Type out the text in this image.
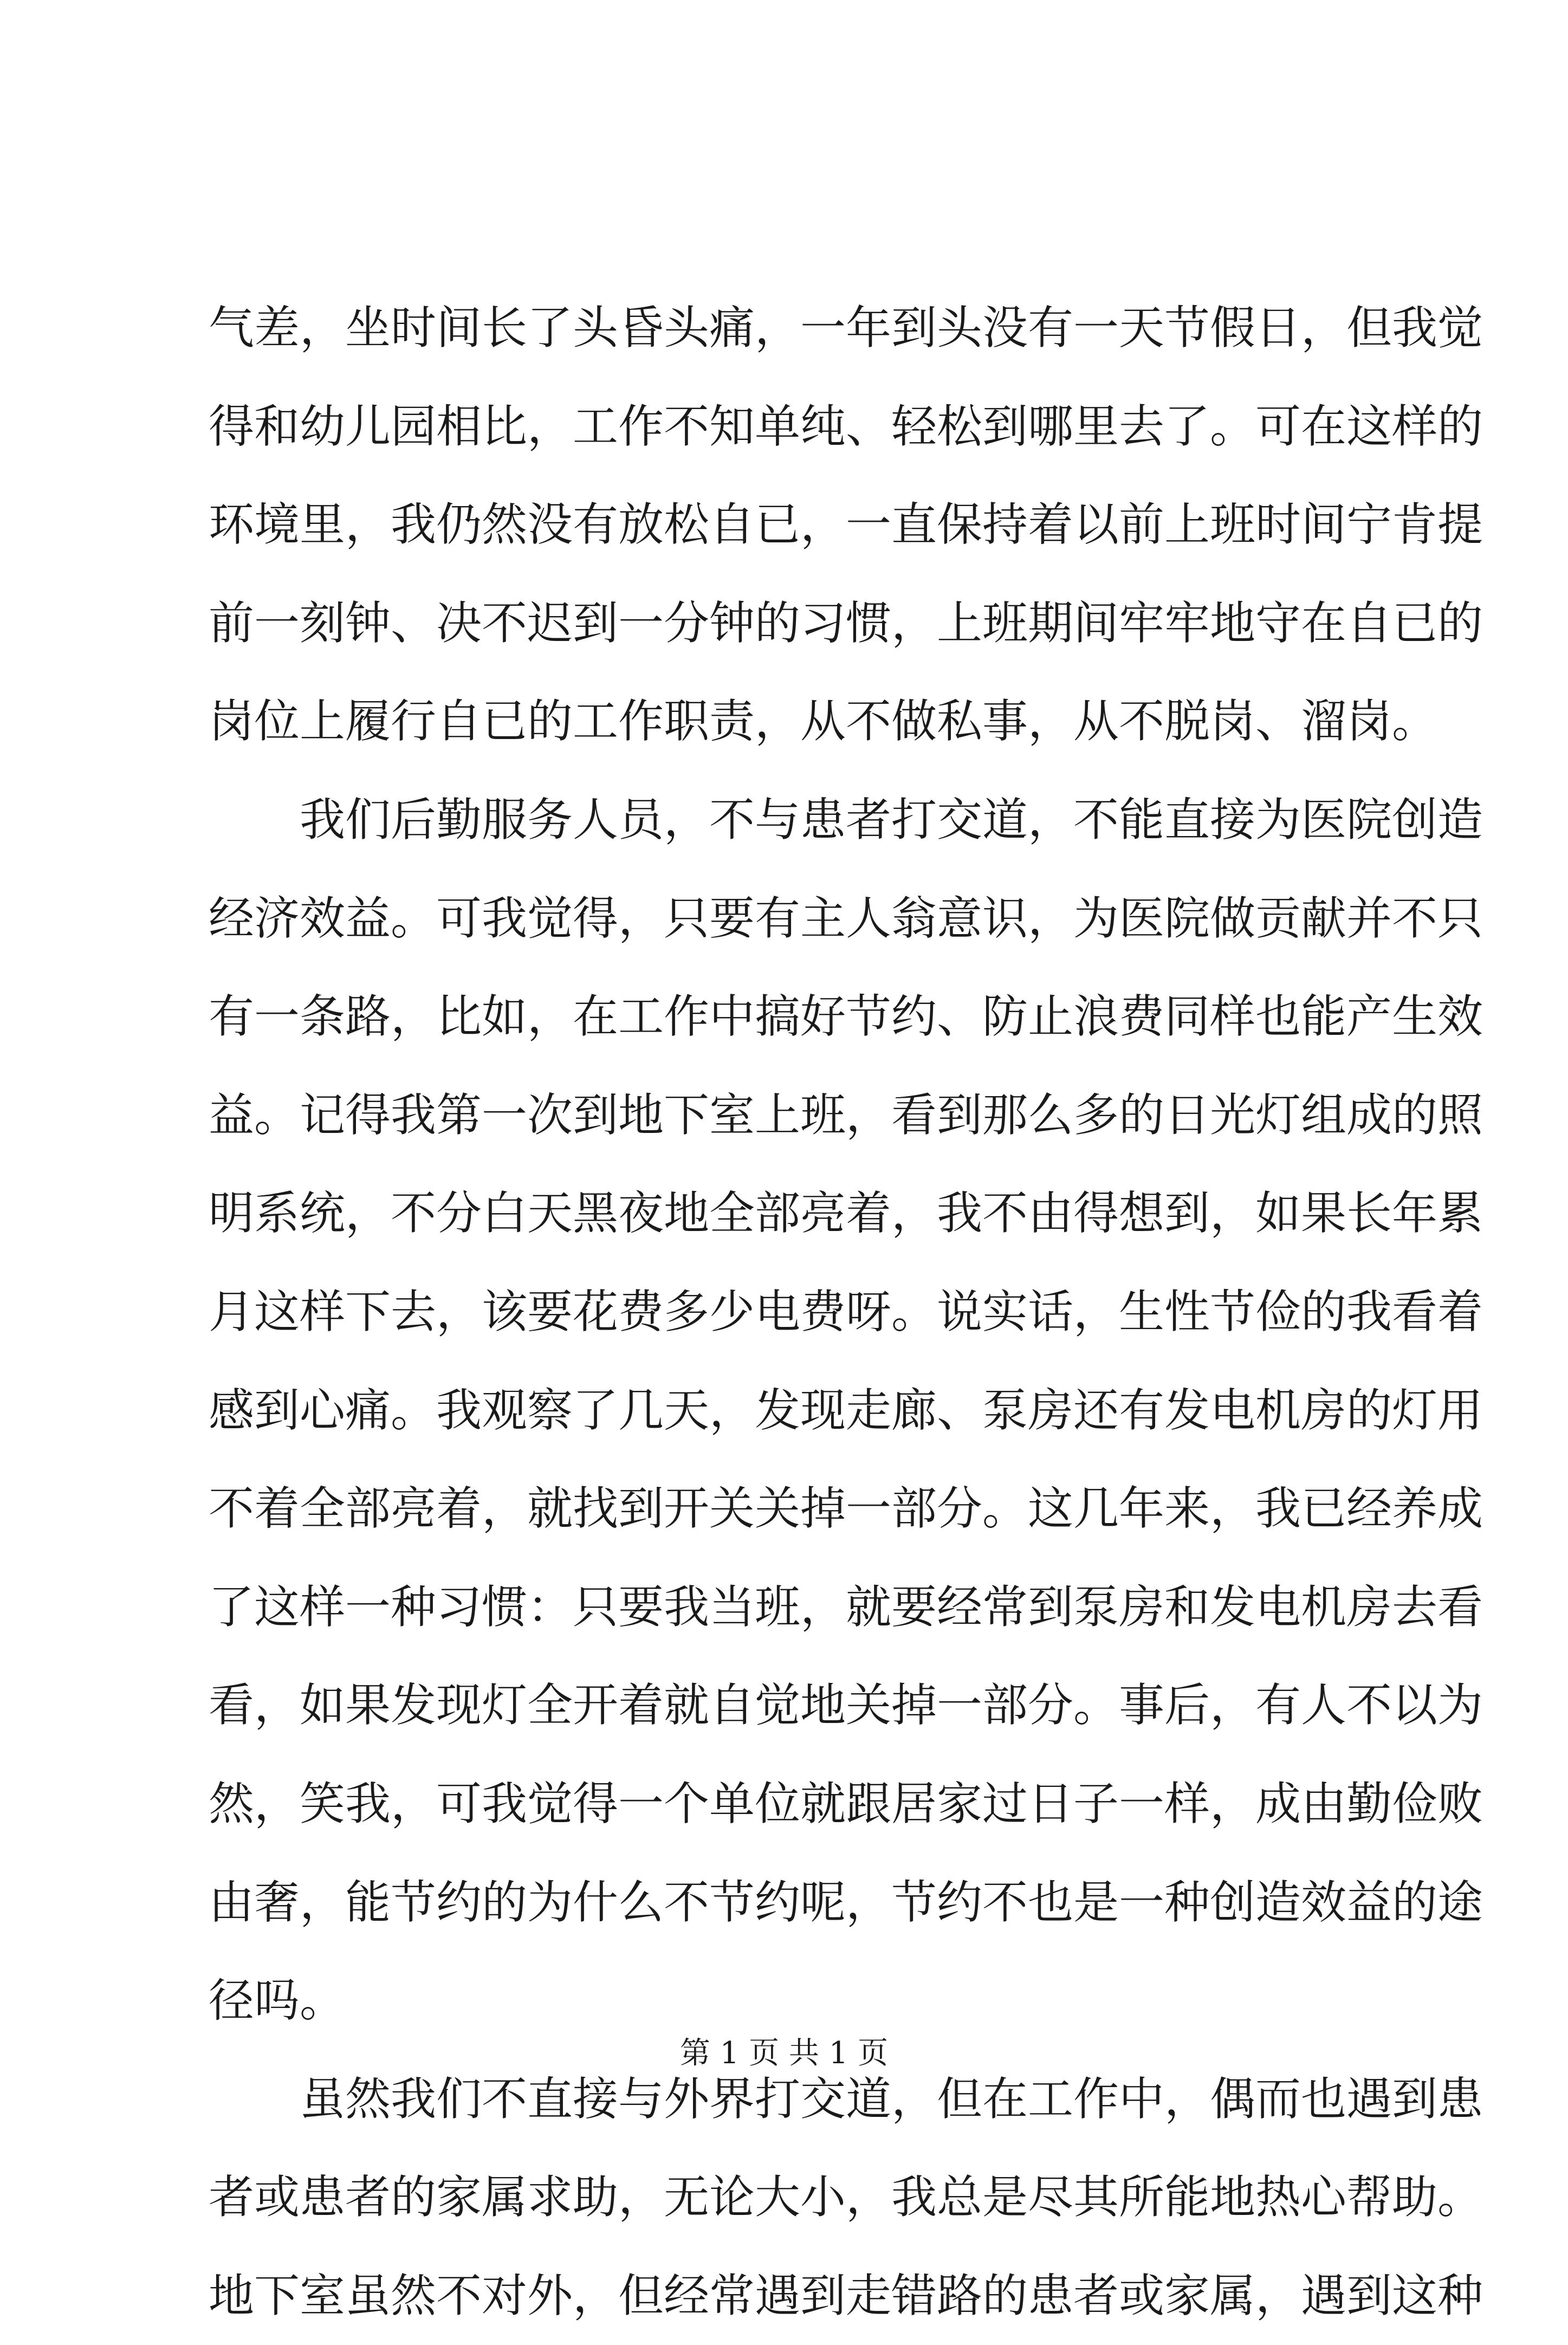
气差，坐时间长了头昏头痛，一年到头没有一天节假日，但我觉
得和幼儿园相比，工作不知单纯、轻松到哪里去了。可在这样的
环境里，我仍然没有放松自已，一直保持着以前上班时间宁肯提
前一刻钟、决不迟到一分钟的习惯，上班期间牢牢地守在自已的
岗位上履行自已的工作职责，从不做私事，从不脱岗、溜岗。
我们后勤服务人员，不与患者打交道，不能直接为医院创造
经济效益。可我觉得，只要有主人翁意识，为医院做贡献并不只
有一条路，比如，在工作中搞好节约、防止浪费同样也能产生效
益。记得我第一次到地下室上班，看到那么多的日光灯组成的照
明系统，不分白天黑夜地全部亮着，我不由得想到，如果长年累
月这样下去，该要花费多少电费呀。说实话，生性节俭的我看着
感到心痛。我观察了几天，发现走廊、泵房还有发电机房的灯用
不着全部亮着，就找到开关关掉一部分。这几年来，我已经养成
了这样一种习惯：只要我当班，就要经常到泵房和发电机房去看
看，如果发现灯全开着就自觉地关掉一部分。事后，有人不以为
然，笑我，可我觉得一个单位就跟居家过日子一样，成由勤俭败
由奢，能节约的为什么不节约呢，节约不也是一种创造效益的途
径吗。
虽然我们不直接与外界打交道，但在工作中，偶而也遇到患
者或患者的家属求助，无论大小，我总是尽其所能地热心帮助。
地下室虽然不对外，但经常遇到走错路的患者或家属，遇到这种
第 1 页 共 1 页
